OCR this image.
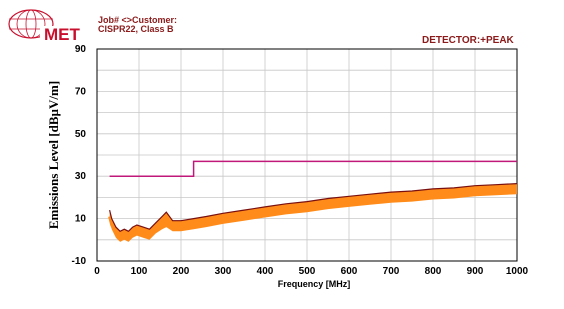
MET
0	100	200	300	400	500	600	700	800	900 1000
-10
10
30
50
70
90
Frequency [MHz]
Emissions Level [dBµV/m]
Job# <>Customer:
CISPR22, Class B
DETECTOR:+PEAK
